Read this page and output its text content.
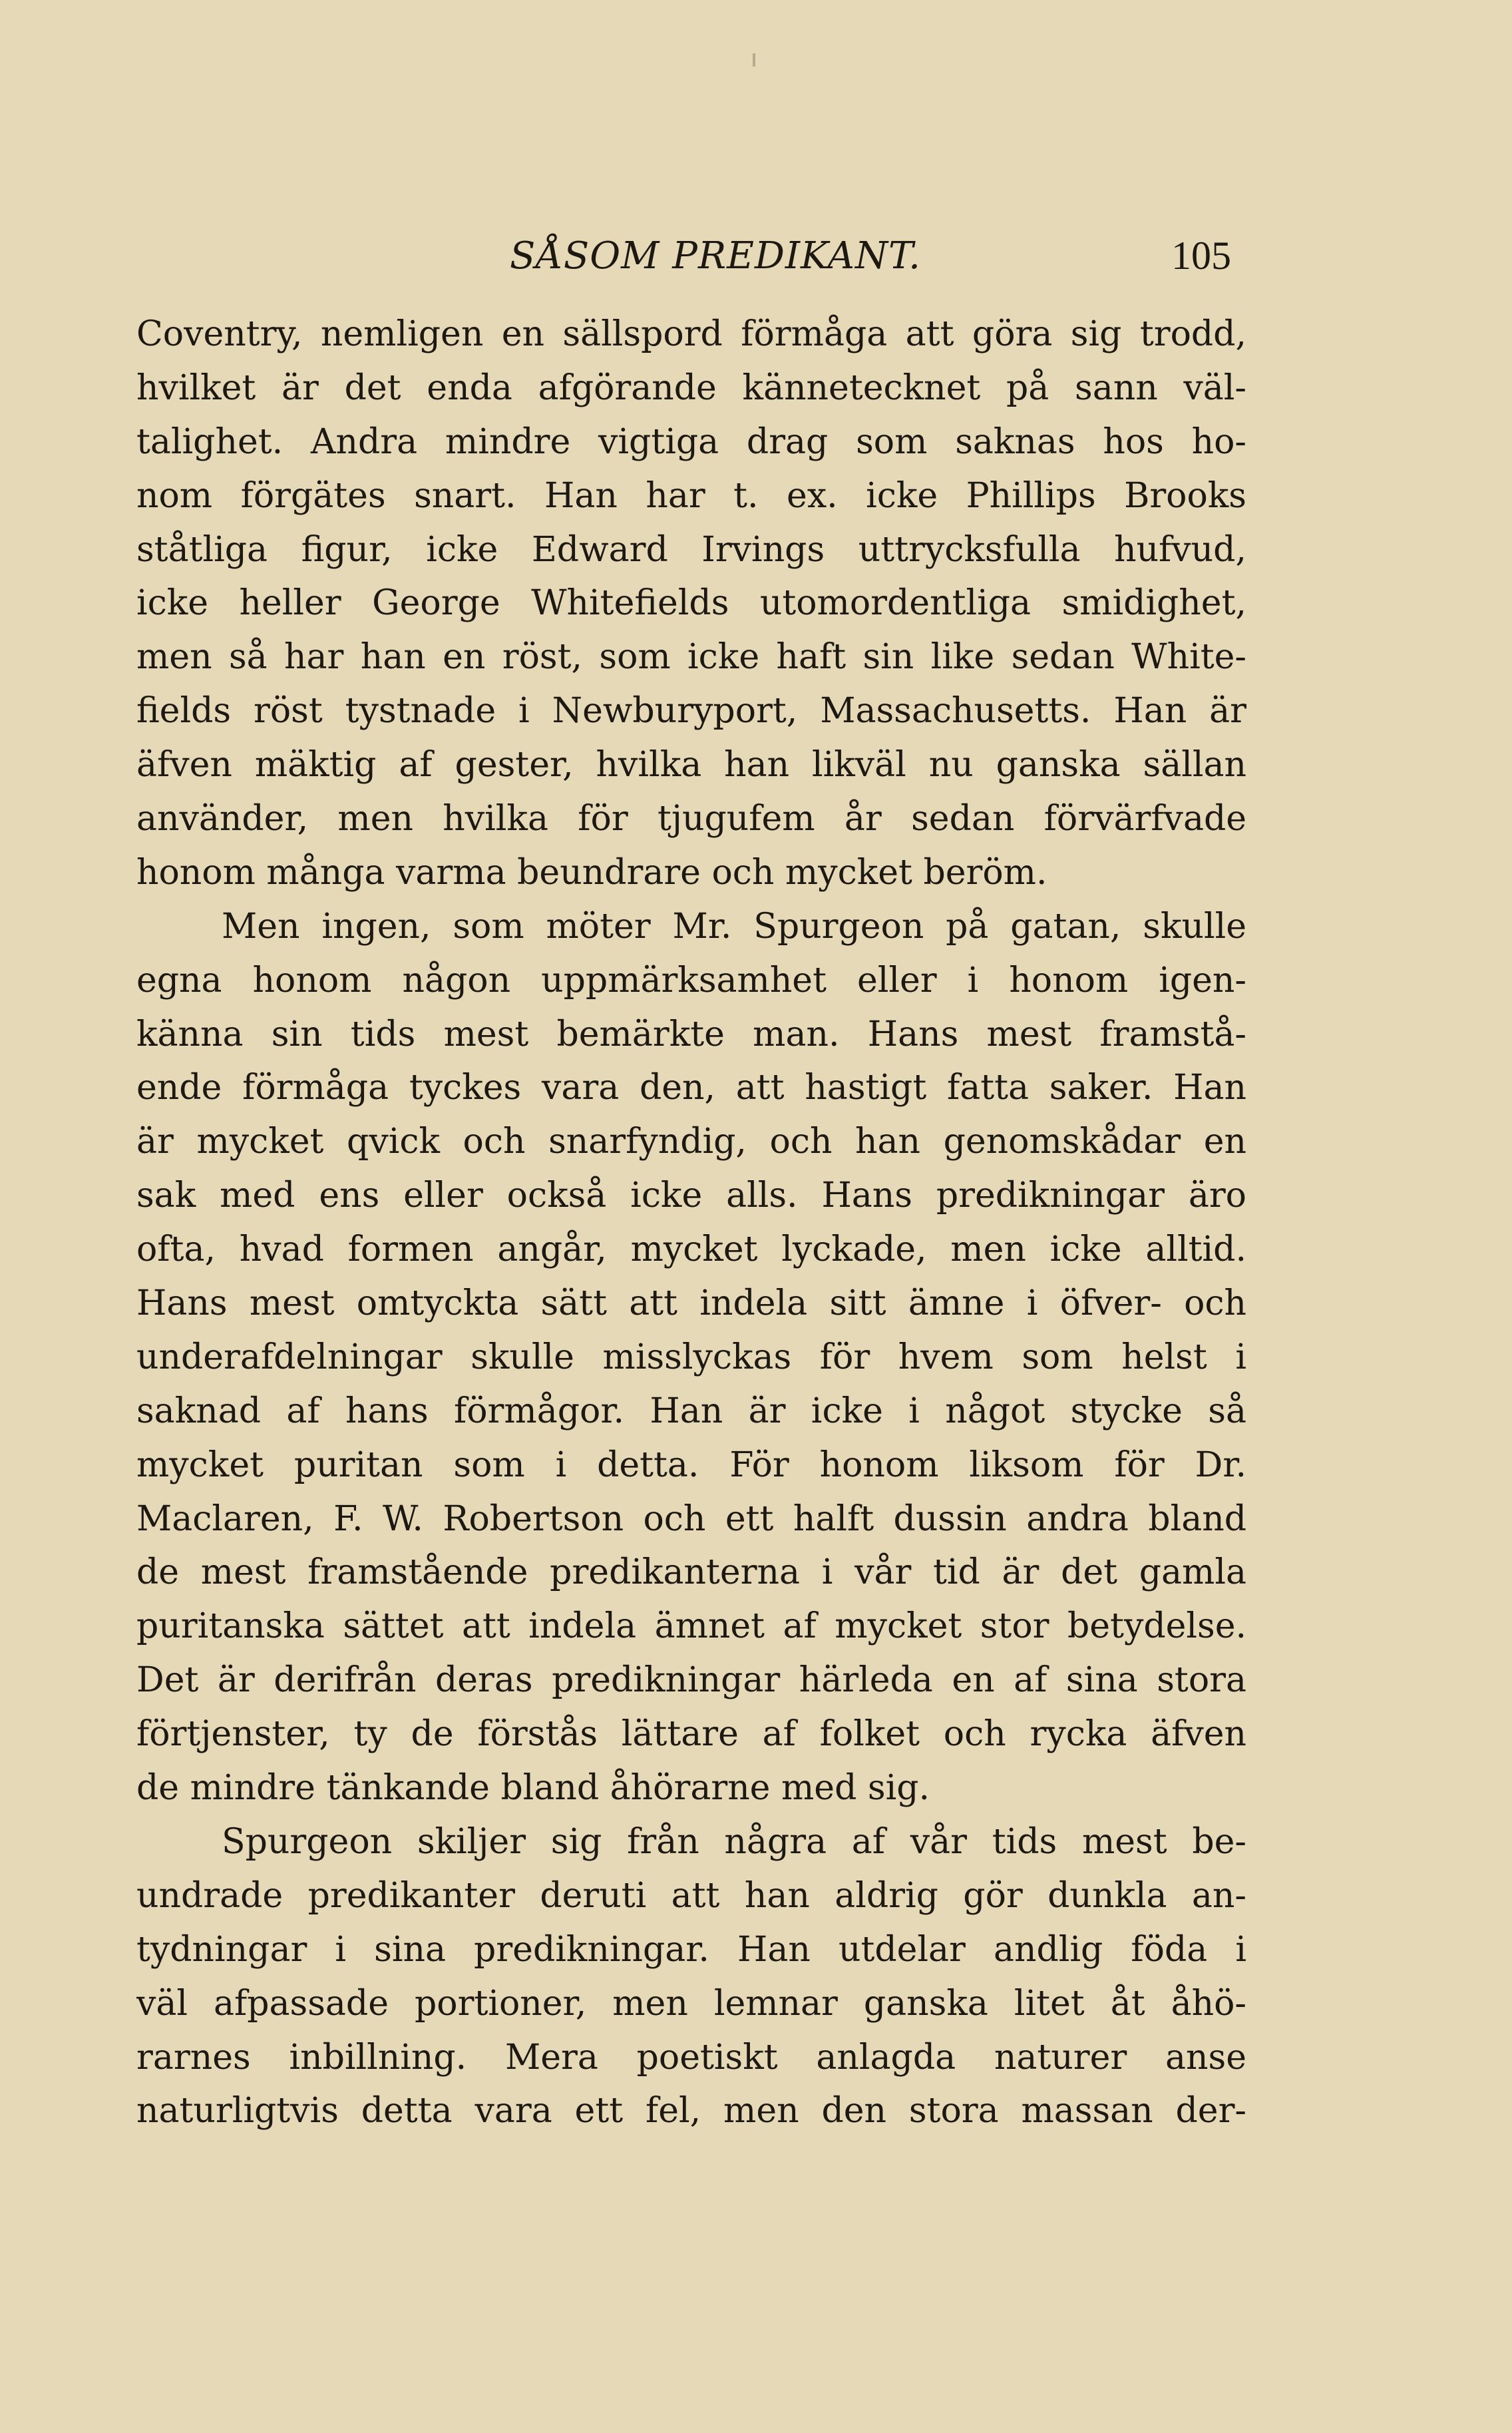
SÅSOM PREDIKANT.	105
Coventry, nemligen en sällspord förmåga att göra sig trodd,
hvilket är det enda afgörande kännetecknet på sann väl-
talighet. Andra mindre vigtiga drag som saknas hos ho-
nom förgätes snart. Han har t. ex. icke Phillips Brooks
ståtliga figur, icke Edward Irvings uttrycksfulla hufvud,
icke heller George Whitefields utomordentliga smidighet,
men så har han en röst, som icke haft sin like sedan White-
fields röst tystnade i Newburyport, Massachusetts. Han är
äfven mäktig af gester, hvilka han likväl nu ganska sällan
använder, men hvilka för tjugufem år sedan förvärfvade
honom många varma beundrare och mycket beröm.
Men ingen, som möter Mr. Spurgeon på gatan, skulle
egna honom någon uppmärksamhet eller i honom igen-
känna sin tids mest bemärkte man. Hans mest framstå-
ende förmåga tyckes vara den, att hastigt fatta saker. Han
är mycket qvick och snarfyndig, och han genomskådar en
sak med ens eller också icke alls. Hans predikningar äro
ofta, hvad formen angår, mycket lyckade, men icke alltid.
Hans mest omtyckta sätt att indela sitt ämne i öfver- och
underafdelningar skulle misslyckas för hvem som helst i
saknad af hans förmågor. Han är icke i något stycke så
mycket puritan som i detta. För honom liksom för Dr.
Maclaren, F. W. Robertson och ett halft dussin andra bland
de mest framstående predikanterna i vår tid är det gamla
puritanska sättet att indela ämnet af mycket stor betydelse.
Det är derifrån deras predikningar härleda en af sina stora
förtjenster, ty de förstås lättare af folket och rycka äfven
de mindre tänkande bland åhörarne med sig.
Spurgeon skiljer sig från några af vår tids mest be-
undrade predikanter deruti att han aldrig gör dunkla an-
tydningar i sina predikningar. Han utdelar andlig föda i
väl afpassade portioner, men lemnar ganska litet åt åhö-
rarnes inbillning. Mera poetiskt anlagda naturer anse
naturligtvis detta vara ett fel, men den stora massan der-
